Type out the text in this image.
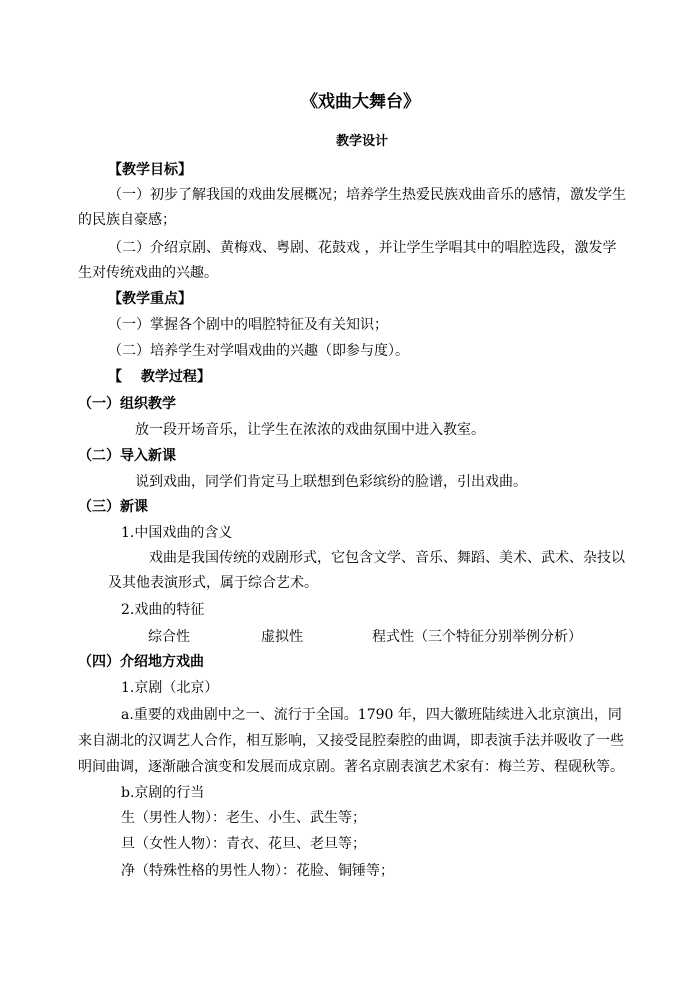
《戏曲大舞台》
教学设计
【教学目标】
（一）初步了解我国的戏曲发展概况；培养学生热爱民族戏曲音乐的感情，激发学生
的民族自豪感；
（二）介绍京剧、黄梅戏、粤剧、花鼓戏 ，并让学生学唱其中的唱腔选段，激发学
生对传统戏曲的兴趣。
【教学重点】
（一）掌握各个剧中的唱腔特征及有关知识；
（二）培养学生对学唱戏曲的兴趣（即参与度）。
【　 教学过程】
（一）组织教学
放一段开场音乐，让学生在浓浓的戏曲氛围中进入教室。
（二）导入新课
说到戏曲，同学们肯定马上联想到色彩缤纷的脸谱，引出戏曲。
（三）新课
1.中国戏曲的含义
戏曲是我国传统的戏剧形式，它包含文学、音乐、舞蹈、美术、武术、杂技以
及其他表演形式，属于综合艺术。
2.戏曲的特征
综合性	虚拟性	程式性（三个特征分别举例分析）
（四）介绍地方戏曲
1.京剧（北京）
a.重要的戏曲剧中之一、流行于全国。1790 年，四大徽班陆续进入北京演出，同
来自湖北的汉调艺人合作，相互影响，又接受昆腔秦腔的曲调，即表演手法并吸收了一些
明间曲调，逐渐融合演变和发展而成京剧。著名京剧表演艺术家有：梅兰芳、程砚秋等。
b.京剧的行当
生（男性人物）：老生、小生、武生等；
旦（女性人物）：青衣、花旦、老旦等；
净（特殊性格的男性人物）：花脸、铜锤等；
